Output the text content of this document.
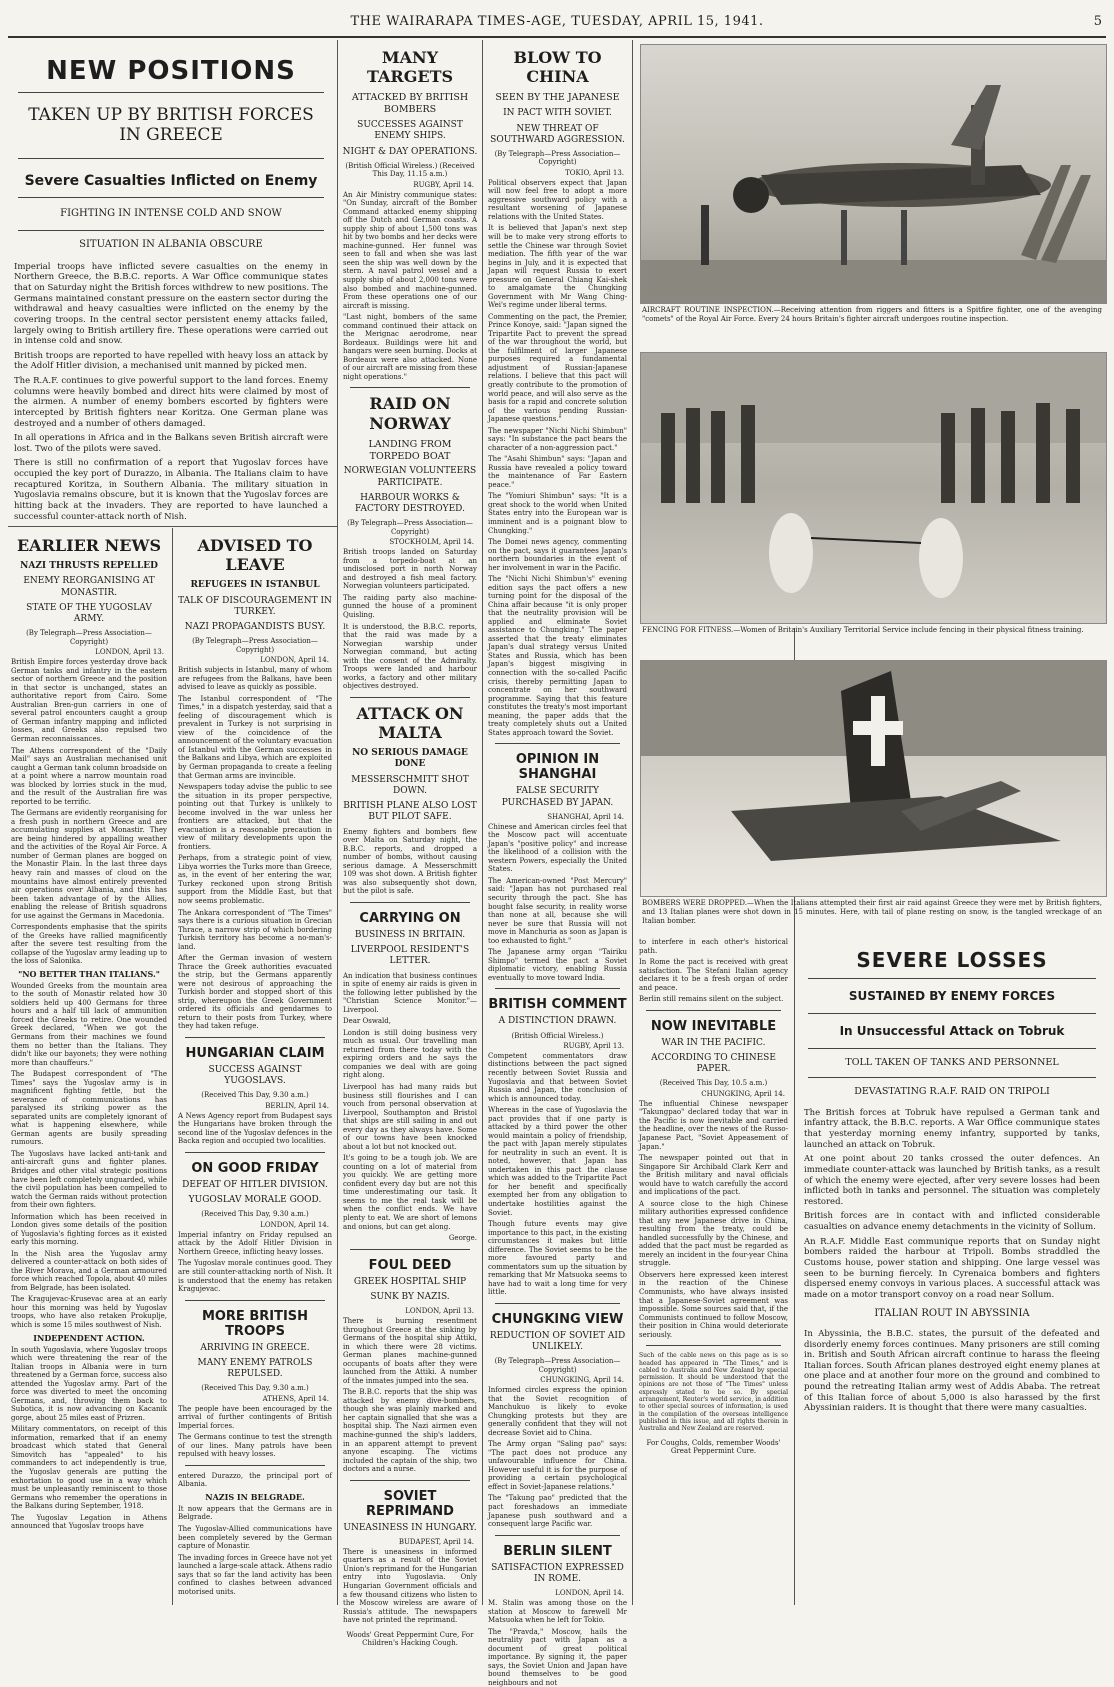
THE WAIRARAPA TIMES-AGE, TUESDAY, APRIL 15, 1941.	5
NEW POSITIONS
TAKEN UP BY BRITISH FORCES IN GREECE
Severe Casualties Inflicted on Enemy
FIGHTING IN INTENSE COLD AND SNOW
SITUATION IN ALBANIA OBSCURE

Imperial troops have inflicted severe casualties on the enemy in Northern Greece, the B.B.C. reports. A War Office communique states that on Saturday night the British forces withdrew to new positions. The Germans maintained constant pressure on the eastern sector during the withdrawal and heavy casualties were inflicted on the enemy by the covering troops. In the central sector persistent enemy attacks failed, largely owing to British artillery fire. These operations were carried out in intense cold and snow.

British troops are reported to have repelled with heavy loss an attack by the Adolf Hitler division, a mechanised unit manned by picked men.

The R.A.F. continues to give powerful support to the land forces. Enemy columns were heavily bombed and direct hits were claimed by most of the airmen. A number of enemy bombers escorted by fighters were intercepted by British fighters near Koritza. One German plane was destroyed and a number of others damaged.

In all operations in Africa and in the Balkans seven British aircraft were lost. Two of the pilots were saved.

There is still no confirmation of a report that Yugoslav forces have occupied the key port of Durazzo, in Albania. The Italians claim to have recaptured Koritza, in Southern Albania. The military situation in Yugoslavia remains obscure, but it is known that the Yugoslav forces are hitting back at the invaders. They are reported to have launched a successful counter-attack north of Nish.

EARLIER NEWS
NAZI THRUSTS REPELLED
ENEMY REORGANISING AT MONASTIR.
STATE OF THE YUGOSLAV ARMY.
(By Telegraph—Press Association—Copyright)
LONDON, April 13.

British Empire forces yesterday drove back German tanks and infantry in the eastern sector of northern Greece and the position in that sector is unchanged, states an authoritative report from Cairo. Some Australian Bren-gun carriers in one of several patrol encounters caught a group of German infantry mapping and inflicted losses, and Greeks also repulsed two German reconnaissances.

The Athens correspondent of the "Daily Mail" says an Australian mechanised unit caught a German tank column broadside on at a point where a narrow mountain road was blocked by lorries stuck in the mud, and the result of the Australian fire was reported to be terrific.

The Germans are evidently reorganising for a fresh push in northern Greece and are accumulating supplies at Monastir. They are being hindered by appalling weather and the activities of the Royal Air Force. A number of German planes are bogged on the Monastir Plain. In the last three days heavy rain and masses of cloud on the mountains have almost entirely prevented air operations over Albania, and this has been taken advantage of by the Allies, enabling the release of British squadrons for use against the Germans in Macedonia.

Correspondents emphasise that the spirits of the Greeks have rallied magnificently after the severe test resulting from the collapse of the Yugoslav army leading up to the loss of Salonika.

"NO BETTER THAN ITALIANS."

Wounded Greeks from the mountain area to the south of Monastir related how 30 soldiers held up 400 Germans for three hours and a half till lack of ammunition forced the Greeks to retire. One wounded Greek declared, "When we got the Germans from their machines we found them no better than the Italians. They didn't like our bayonets; they were nothing more than chauffeurs."

The Budapest correspondent of "The Times" says the Yugoslav army is in magnificent fighting fettle, but the severance of communications has paralysed its striking power as the separated units are completely ignorant of what is happening elsewhere, while German agents are busily spreading rumours.

The Yugoslavs have lacked anti-tank and anti-aircraft guns and fighter planes. Bridges and other vital strategic positions have been left completely unguarded, while the civil population has been compelled to watch the German raids without protection from their own fighters.

Information which has been received in London gives some details of the position of Yugoslavia's fighting forces as it existed early this morning.

In the Nish area the Yugoslav army delivered a counter-attack on both sides of the River Morava, and a German armoured force which reached Topola, about 40 miles from Belgrade, has been isolated.

The Kragujevac-Krusevac area at an early hour this morning was held by Yugoslav troops, who have also retaken Prokuplje, which is some 15 miles southwest of Nish.

INDEPENDENT ACTION.

In south Yugoslavia, where Yugoslav troops which were threatening the rear of the Italian troops in Albania were in turn threatened by a German force, success also attended the Yugoslav army. Part of the force was diverted to meet the oncoming Germans, and, throwing them back to Subotica, it is now advancing on Kacanik gorge, about 25 miles east of Prizren.

Military commentators, on receipt of this information, remarked that if an enemy broadcast which stated that General Simovitch has "appealed" to his commanders to act independently is true, the Yugoslav generals are putting the exhortation to good use in a way which must be unpleasantly reminiscent to those Germans who remember the operations in the Balkans during September, 1918.

The Yugoslav Legation in Athens announced that Yugoslav troops have

ADVISED TO LEAVE
REFUGEES IN ISTANBUL
TALK OF DISCOURAGEMENT IN TURKEY.
NAZI PROPAGANDISTS BUSY.
(By Telegraph—Press Association—Copyright)
LONDON, April 14.

British subjects in Istanbul, many of whom are refugees from the Balkans, have been advised to leave as quickly as possible.

The Istanbul correspondent of "The Times," in a dispatch yesterday, said that a feeling of discouragement which is prevalent in Turkey is not surprising in view of the coincidence of the announcement of the voluntary evacuation of Istanbul with the German successes in the Balkans and Libya, which are exploited by German propaganda to create a feeling that German arms are invincible.

Newspapers today advise the public to see the situation in its proper perspective, pointing out that Turkey is unlikely to become involved in the war unless her frontiers are attacked, but that the evacuation is a reasonable precaution in view of military developments upon the frontiers.

Perhaps, from a strategic point of view, Libya worries the Turks more than Greece, as, in the event of her entering the war, Turkey reckoned upon strong British support from the Middle East, but that now seems problematic.

The Ankara correspondent of "The Times" says there is a curious situation in Grecian Thrace, a narrow strip of which bordering Turkish territory has become a no-man's-land.

After the German invasion of western Thrace the Greek authorities evacuated the strip, but the Germans apparently were not desirous of approaching the Turkish border and stopped short of this strip, whereupon the Greek Government ordered its officials and gendarmes to return to their posts from Turkey, where they had taken refuge.

HUNGARIAN CLAIM
SUCCESS AGAINST YUGOSLAVS.
(Received This Day, 9.30 a.m.)
BERLIN, April 14.

A News Agency report from Budapest says the Hungarians have broken through the second line of the Yugoslav defences in the Backa region and occupied two localities.

ON GOOD FRIDAY
DEFEAT OF HITLER DIVISION.
YUGOSLAV MORALE GOOD.
(Received This Day, 9.30 a.m.)
LONDON, April 14.

Imperial infantry on Friday repulsed an attack by the Adolf Hitler Division in Northern Greece, inflicting heavy losses.

The Yugoslav morale continues good. They are still counter-attacking north of Nish. It is understood that the enemy has retaken Kragujevac.

MORE BRITISH TROOPS
ARRIVING IN GREECE.
MANY ENEMY PATROLS REPULSED.
(Received This Day, 9.30 a.m.)
ATHENS, April 14.

The people have been encouraged by the arrival of further contingents of British Imperial forces.

The Germans continue to test the strength of our lines. Many patrols have been repulsed with heavy losses.

entered Durazzo, the principal port of Albania.

NAZIS IN BELGRADE.

It now appears that the Germans are in Belgrade.

The Yugoslav-Allied communications have been completely severed by the German capture of Monastir.

The invading forces in Greece have not yet launched a large-scale attack. Athens radio says that so far the land activity has been confined to clashes between advanced motorised units.

MANY TARGETS
ATTACKED BY BRITISH BOMBERS
SUCCESSES AGAINST ENEMY SHIPS.
NIGHT & DAY OPERATIONS.
(British Official Wireless.) (Received This Day, 11.15 a.m.)
RUGBY, April 14.

An Air Ministry communique states: "On Sunday, aircraft of the Bomber Command attacked enemy shipping off the Dutch and German coasts. A supply ship of about 1,500 tons was hit by two bombs and her decks were machine-gunned. Her funnel was seen to fall and when she was last seen the ship was well down by the stern. A naval patrol vessel and a supply ship of about 2,000 tons were also bombed and machine-gunned. From these operations one of our aircraft is missing.

"Last night, bombers of the same command continued their attack on the Merignac aerodrome, near Bordeaux. Buildings were hit and hangars were seen burning. Docks at Bordeaux were also attacked. None of our aircraft are missing from these night operations."

RAID ON NORWAY
LANDING FROM TORPEDO BOAT
NORWEGIAN VOLUNTEERS PARTICIPATE.
HARBOUR WORKS & FACTORY DESTROYED.
(By Telegraph—Press Association—Copyright)
STOCKHOLM, April 14.

British troops landed on Saturday from a torpedo-boat at an undisclosed port in north Norway and destroyed a fish meal factory. Norwegian volunteers participated.

The raiding party also machine-gunned the house of a prominent Quisling.

It is understood, the B.B.C. reports, that the raid was made by a Norwegian warship under Norwegian command, but acting with the consent of the Admiralty. Troops were landed and harbour works, a factory and other military objectives destroyed.

ATTACK ON MALTA
NO SERIOUS DAMAGE DONE
MESSERSCHMITT SHOT DOWN.
BRITISH PLANE ALSO LOST BUT PILOT SAFE.

Enemy fighters and bombers flew over Malta on Saturday night, the B.B.C. reports, and dropped a number of bombs, without causing serious damage. A Messerschmitt 109 was shot down. A British fighter was also subsequently shot down, but the pilot is safe.

CARRYING ON
BUSINESS IN BRITAIN.
LIVERPOOL RESIDENT'S LETTER.

An indication that business continues in spite of enemy air raids is given in the following letter published by the "Christian Science Monitor."—Liverpool.

Dear Oswald,

London is still doing business very much as usual. Our travelling man returned from there today with the expiring orders and he says the companies we deal with are going right along.

Liverpool has had many raids but business still flourishes and I can vouch from personal observation at Liverpool, Southampton and Bristol that ships are still sailing in and out every day as they always have. Some of our towns have been knocked about a lot but not knocked out.

It's going to be a tough job. We are counting on a lot of material from you quickly. We are getting more confident every day but are not this time underestimating our task. It seems to me the real task will be when the conflict ends. We have plenty to eat. We are short of lemons and onions, but can get along.

George.

FOUL DEED
GREEK HOSPITAL SHIP
SUNK BY NAZIS.
LONDON, April 13.

There is burning resentment throughout Greece at the sinking by Germans of the hospital ship Attiki, in which there were 28 victims. German planes machine-gunned occupants of boats after they were launched from the Attiki. A number of the inmates jumped into the sea.

The B.B.C. reports that the ship was attacked by enemy dive-bombers, though she was plainly marked and her captain signalled that she was a hospital ship. The Nazi airmen even machine-gunned the ship's ladders, in an apparent attempt to prevent anyone escaping. The victims included the captain of the ship, two doctors and a nurse.

SOVIET REPRIMAND
UNEASINESS IN HUNGARY.
BUDAPEST, April 14.

There is uneasiness in informed quarters as a result of the Soviet Union's reprimand for the Hungarian entry into Yugoslavia. Only Hungarian Government officials and a few thousand citizens who listen to the Moscow wireless are aware of Russia's attitude. The newspapers have not printed the reprimand.

Woods' Great Peppermint Cure, For Children's Hacking Cough.
BLOW TO CHINA
SEEN BY THE JAPANESE
IN PACT WITH SOVIET.
NEW THREAT OF SOUTHWARD AGGRESSION.
(By Telegraph—Press Association—Copyright)
TOKIO, April 13.

Political observers expect that Japan will now feel free to adopt a more aggressive southward policy with a resultant worsening of Japanese relations with the United States.

It is believed that Japan's next step will be to make very strong efforts to settle the Chinese war through Soviet mediation. The fifth year of the war begins in July, and it is expected that Japan will request Russia to exert pressure on General Chiang Kai-shek to amalgamate the Chungking Government with Mr Wang Ching-Wei's regime under liberal terms.

Commenting on the pact, the Premier, Prince Konoye, said: "Japan signed the Tripartite Pact to prevent the spread of the war throughout the world, but the fulfilment of larger Japanese purposes required a fundamental adjustment of Russian-Japanese relations. I believe that this pact will greatly contribute to the promotion of world peace, and will also serve as the basis for a rapid and concrete solution of the various pending Russian-Japanese questions."

The newspaper "Nichi Nichi Shimbun" says: "In substance the pact bears the character of a non-aggression pact."

The "Asahi Shimbun" says: "Japan and Russia have revealed a policy toward the maintenance of Far Eastern peace."

The "Yomiuri Shimbun" says: "It is a great shock to the world when United States entry into the European war is imminent and is a poignant blow to Chungking."

The Domei news agency, commenting on the pact, says it guarantees Japan's northern boundaries in the event of her involvement in war in the Pacific.

The "Nichi Nichi Shimbun's" evening edition says the pact offers a new turning point for the disposal of the China affair because "it is only proper that the neutrality provision will be applied and eliminate Soviet assistance to Chungking." The paper asserted that the treaty eliminates Japan's dual strategy versus United States and Russia, which has been Japan's biggest misgiving in connection with the so-called Pacific crisis, thereby permitting Japan to concentrate on her southward programme. Saying that this feature constitutes the treaty's most important meaning, the paper adds that the treaty completely shuts out a United States approach toward the Soviet.

OPINION IN SHANGHAI
FALSE SECURITY PURCHASED BY JAPAN.
SHANGHAI, April 14.

Chinese and American circles feel that the Moscow pact will accentuate Japan's "positive policy" and increase the likelihood of a collision with the western Powers, especially the United States.

The American-owned "Post Mercury" said: "Japan has not purchased real security through the pact. She has bought false security, in reality worse than none at all, because she will never be sure that Russia will not move in Manchuria as soon as Japan is too exhausted to fight."

The Japanese army organ "Tairiku Shimpo" termed the pact a Soviet diplomatic victory, enabling Russia eventually to move toward India.

BRITISH COMMENT
A DISTINCTION DRAWN.
(British Official Wireless.)
RUGBY, April 13.

Competent commentators draw distinctions between the pact signed recently between Soviet Russia and Yugoslavia and that between Soviet Russia and Japan, the conclusion of which is announced today.

Whereas in the case of Yugoslavia the pact provides that if one party is attacked by a third power the other would maintain a policy of friendship, the pact with Japan merely stipulates for neutrality in such an event. It is noted, however, that Japan has undertaken in this pact the clause which was added to the Tripartite Pact for her benefit and specifically exempted her from any obligation to undertake hostilities against the Soviet.

Though future events may give importance to this pact, in the existing circumstances it makes but little difference. The Soviet seems to be the more favoured party and commentators sum up the situation by remarking that Mr Matsuoka seems to have had to wait a long time for very little.

CHUNGKING VIEW
REDUCTION OF SOVIET AID UNLIKELY.
(By Telegraph—Press Association—Copyright)
CHUNGKING, April 14.

Informed circles express the opinion that the Soviet recognition of Manchukuo is likely to evoke Chungking protests but they are generally confident that they will not decrease Soviet aid to China.

The Army organ "Saling pao" says: "The pact does not produce any unfavourable influence for China. However useful it is for the purpose of providing a certain psychological effect in Soviet-Japanese relations."

The "Takung pao" predicted that the pact foreshadows an immediate Japanese push southward and a consequent large Pacific war.

BERLIN SILENT
SATISFACTION EXPRESSED IN ROME.
LONDON, April 14.

M. Stalin was among those on the station at Moscow to farewell Mr Matsuoka when he left for Tokio.

The "Pravda," Moscow, hails the neutrality pact with Japan as a document of great political importance. By signing it, the paper says, the Soviet Union and Japan have bound themselves to be good neighbours and not

AIRCRAFT ROUTINE INSPECTION.—Receiving attention from riggers and fitters is a Spitfire fighter, one of the avenging "comets" of the Royal Air Force. Every 24 hours Britain's fighter aircraft undergoes routine inspection.
FENCING FOR FITNESS.—Women of Britain's Auxiliary Territorial Service include fencing in their physical fitness training.
BOMBERS WERE DROPPED.—When the Italians attempted their first air raid against Greece they were met by British fighters, and 13 Italian planes were shot down in 15 minutes. Here, with tail of plane resting on snow, is the tangled wreckage of an Italian bomber.

to interfere in each other's historical path.

In Rome the pact is received with great satisfaction. The Stefani Italian agency declares it to be a fresh organ of order and peace.

Berlin still remains silent on the subject.

NOW INEVITABLE
WAR IN THE PACIFIC.
ACCORDING TO CHINESE PAPER.
(Received This Day, 10.5 a.m.)
CHUNGKING, April 14.

The influential Chinese newspaper "Takungpao" declared today that war in the Pacific is now inevitable and carried the headline, over the news of the Russo-Japanese Pact, "Soviet Appeasement of Japan."

The newspaper pointed out that in Singapore Sir Archibald Clark Kerr and the British military and naval officials would have to watch carefully the accord and implications of the pact.

A source close to the high Chinese military authorities expressed confidence that any new Japanese drive in China, resulting from the treaty, could be handled successfully by the Chinese, and added that the pact must be regarded as merely an incident in the four-year China struggle.

Observers here expressed keen interest in the reaction of the Chinese Communists, who have always insisted that a Japanese-Soviet agreement was impossible. Some sources said that, if the Communists continued to follow Moscow, their position in China would deteriorate seriously.

Such of the cable news on this page as is so headed has appeared in "The Times," and is cabled to Australia and New Zealand by special permission. It should be understood that the opinions are not those of "The Times" unless expressly stated to be so. By special arrangement, Reuter's world service, in addition to other special sources of information, is used in the compilation of the overseas intelligence published in this issue, and all rights therein in Australia and New Zealand are reserved.

For Coughs, Colds, remember Woods' Great Peppermint Cure.
SEVERE LOSSES
SUSTAINED BY ENEMY FORCES
In Unsuccessful Attack on Tobruk
TOLL TAKEN OF TANKS AND PERSONNEL
DEVASTATING R.A.F. RAID ON TRIPOLI

The British forces at Tobruk have repulsed a German tank and infantry attack, the B.B.C. reports. A War Office communique states that yesterday morning enemy infantry, supported by tanks, launched an attack on Tobruk.

At one point about 20 tanks crossed the outer defences. An immediate counter-attack was launched by British tanks, as a result of which the enemy were ejected, after very severe losses had been inflicted both in tanks and personnel. The situation was completely restored.

British forces are in contact with and inflicted considerable casualties on advance enemy detachments in the vicinity of Sollum.

An R.A.F. Middle East communique reports that on Sunday night bombers raided the harbour at Tripoli. Bombs straddled the Customs house, power station and shipping. One large vessel was seen to be burning fiercely. In Cyrenaica bombers and fighters dispersed enemy convoys in various places. A successful attack was made on a motor transport convoy on a road near Sollum.

ITALIAN ROUT IN ABYSSINIA

In Abyssinia, the B.B.C. states, the pursuit of the defeated and disorderly enemy forces continues. Many prisoners are still coming in. British and South African aircraft continue to harass the fleeing Italian forces. South African planes destroyed eight enemy planes at one place and at another four more on the ground and combined to pound the retreating Italian army west of Addis Ababa. The retreat of this Italian force of about 5,000 is also harassed by the first Abyssinian raiders. It is thought that there were many casualties.
